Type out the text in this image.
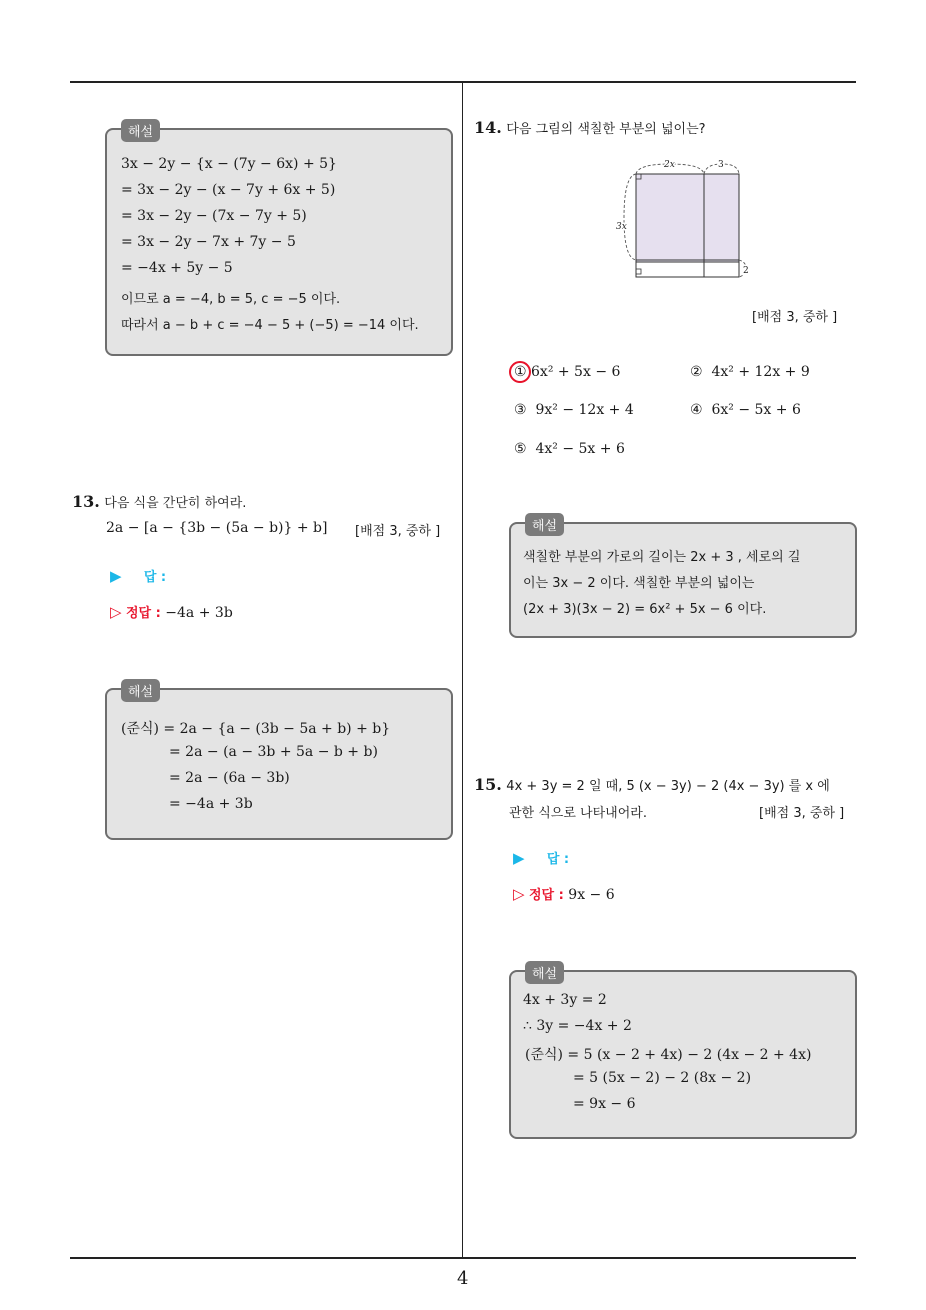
해설
3x − 2y − {x − (7y − 6x) + 5}
= 3x − 2y − (x − 7y + 6x + 5)
= 3x − 2y − (7x − 7y + 5)
= 3x − 2y − 7x + 7y − 5
= −4x + 5y − 5
이므로 a = −4, b = 5, c = −5 이다.
따라서 a − b + c = −4 − 5 + (−5) = −14 이다.
13. 다음 식을 간단히 하여라.
2a − [a − {3b − (5a − b)} + b] [배점 3, 중하 ]
▶ 답 :
▷ 정답 : −4a + 3b
해설
(준식) = 2a − {a − (3b − 5a + b) + b}
= 2a − (a − 3b + 5a − b + b)
= 2a − (6a − 3b)
= −4a + 3b
14. 다음 그림의 색칠한 부분의 넓이는?
2x	3
3x
2
[배점 3, 중하 ]
① 6x² + 5x − 6	② 4x² + 12x + 9
③ 9x² − 12x + 4	④ 6x² − 5x + 6
⑤ 4x² − 5x + 6
해설
색칠한 부분의 가로의 길이는 2x + 3 , 세로의 길
이는 3x − 2 이다. 색칠한 부분의 넓이는
(2x + 3)(3x − 2) = 6x² + 5x − 6 이다.
15. 4x + 3y = 2 일 때, 5 (x − 3y) − 2 (4x − 3y) 를 x 에
관한 식으로 나타내어라.	[배점 3, 중하 ]
▶ 답 :
▷ 정답 : 9x − 6
해설
4x + 3y = 2
∴ 3y = −4x + 2
(준식) = 5 (x − 2 + 4x) − 2 (4x − 2 + 4x)
= 5 (5x − 2) − 2 (8x − 2)
= 9x − 6
4
